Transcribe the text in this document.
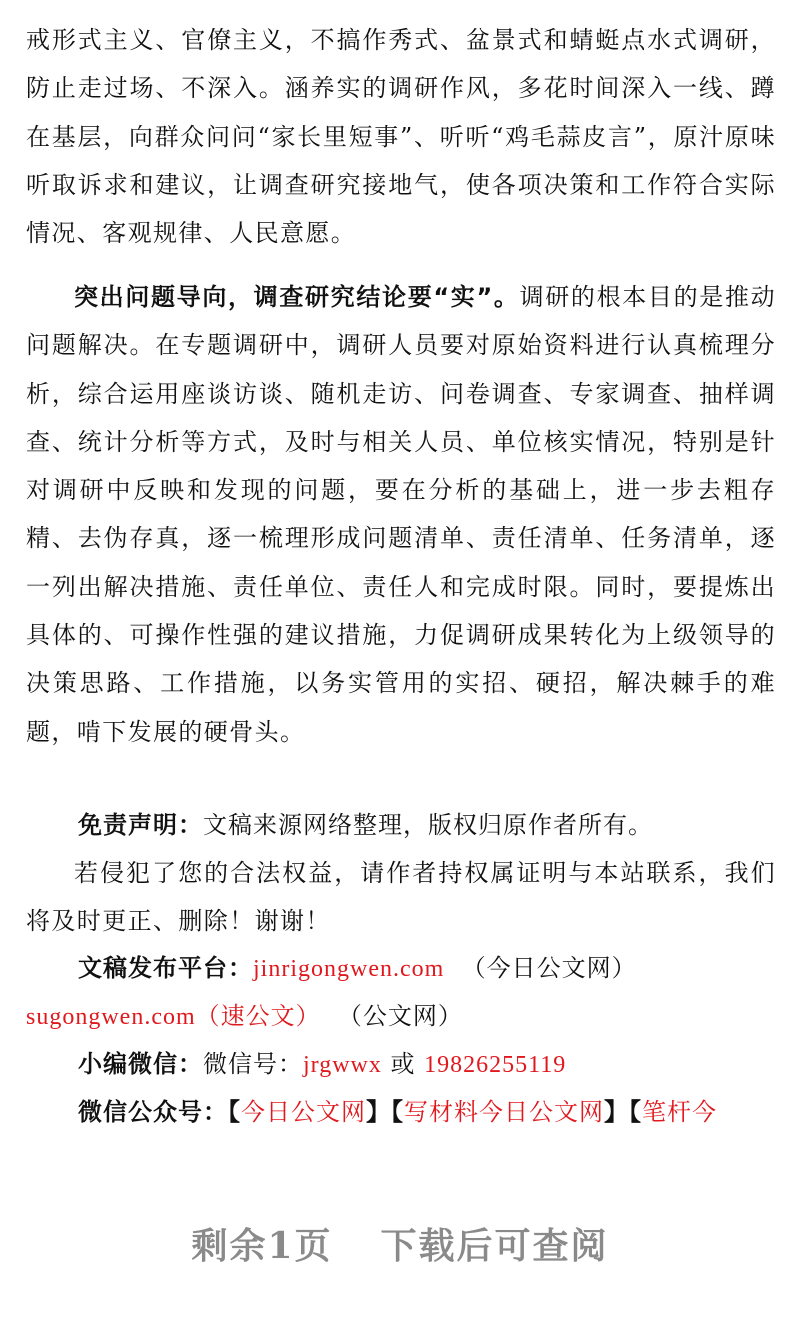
戒形式主义、官僚主义，不搞作秀式、盆景式和蜻蜓点水式调研，防止走过场、不深入。涵养实的调研作风，多花时间深入一线、蹲在基层，向群众问问“家长里短事”、听听“鸡毛蒜皮言”，原汁原味听取诉求和建议，让调查研究接地气，使各项决策和工作符合实际情况、客观规律、人民意愿。

突出问题导向，调查研究结论要“实”。调研的根本目的是推动问题解决。在专题调研中，调研人员要对原始资料进行认真梳理分析，综合运用座谈访谈、随机走访、问卷调查、专家调查、抽样调查、统计分析等方式，及时与相关人员、单位核实情况，特别是针对调研中反映和发现的问题，要在分析的基础上，进一步去粗存精、去伪存真，逐一梳理形成问题清单、责任清单、任务清单，逐一列出解决措施、责任单位、责任人和完成时限。同时，要提炼出具体的、可操作性强的建议措施，力促调研成果转化为上级领导的决策思路、工作措施，以务实管用的实招、硬招，解决棘手的难题，啃下发展的硬骨头。

免责声明：文稿来源网络整理，版权归原作者所有。

若侵犯了您的合法权益，请作者持权属证明与本站联系，我们将及时更正、删除！谢谢！

文稿发布平台：jinrigongwen.com （今日公文网）
sugongwen.com（速公文） （公文网）
小编微信：微信号：jrgwwx 或 19826255119
微信公众号：【今日公文网】【写材料今日公文网】【笔杆今
剩余1页 下载后可查阅
